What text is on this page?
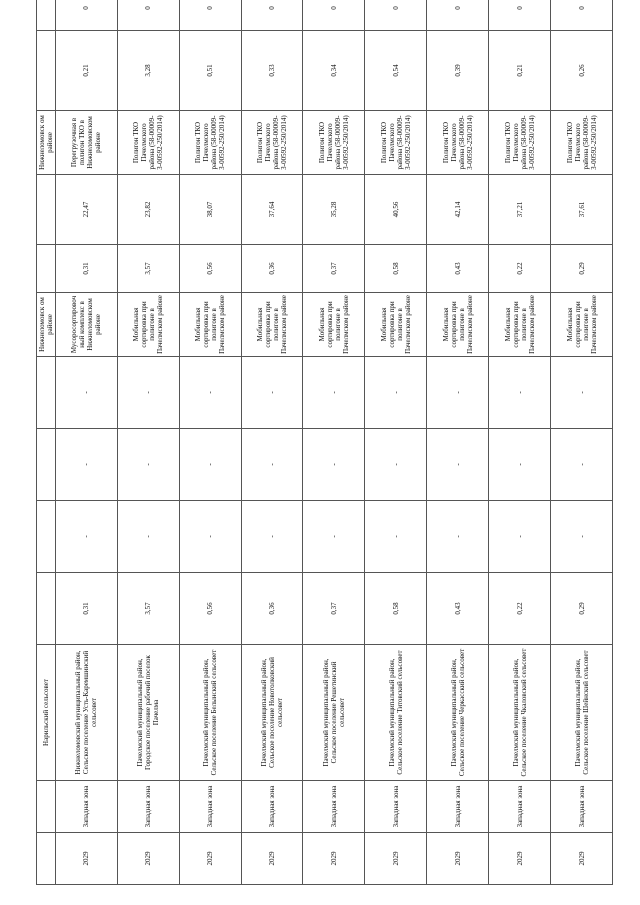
		Нарильский сельсовет					Нижнеломовск ом районе			Нижнеломовск ом районе		
2029	Западная зона	Нижнеломовский муниципальный район, Сельское поселение Усть-Каремшинский сельсовет	0,31	-	-	-	Мусоросортировочный комплекс в Нижнеломовском районе	0,31	22,47	Перегрузочная в полигон ТКО в Нижнеломовском районе	0,21	0
2029	Западная зона	Пачелмский муниципальный район, Городское поселение рабочий поселок Пачелма	3,57	-	-	-	Мобильная сортировка при полигоне в Пачелмском районе	3,57	23,82	Полигон ТКО Пачелмского района (58-00009-З-00592-250/2014)	3,28	0
2029	Западная зона	Пачелмский муниципальный район, Сельское поселение Белынский сельсовет	0,56	-	-	-	Мобильная сортировка при полигоне в Пачелмском районе	0,56	38,07	Полигон ТКО Пачелмского района (58-00009-З-00592-250/2014)	0,51	0
2029	Западная зона	Пачелмский муниципальный район, Сельское поселение Новотолковский сельсовет	0,36	-	-	-	Мобильная сортировка при полигоне в Пачелмском районе	0,36	37,64	Полигон ТКО Пачелмского района (58-00009-З-00592-250/2014)	0,33	0
2029	Западная зона	Пачелмский муниципальный район, Сельское поселение Решетинский сельсовет	0,37	-	-	-	Мобильная сортировка при полигоне в Пачелмском районе	0,37	35,28	Полигон ТКО Пачелмского района (58-00009-З-00592-250/2014)	0,34	0
2029	Западная зона	Пачелмский муниципальный район, Сельское поселение Титовский сельсовет	0,58	-	-	-	Мобильная сортировка при полигоне в Пачелмском районе	0,58	40,56	Полигон ТКО Пачелмского района (58-00009-З-00592-250/2014)	0,54	0
2029	Западная зона	Пачелмский муниципальный район, Сельское поселение Черкасский сельсовет	0,43	-	-	-	Мобильная сортировка при полигоне в Пачелмском районе	0,43	42,14	Полигон ТКО Пачелмского района (58-00009-З-00592-250/2014)	0,39	0
2029	Западная зона	Пачелмский муниципальный район, Сельское поселение Чкаловский сельсовет	0,22	-	-	-	Мобильная сортировка при полигоне в Пачелмском районе	0,22	37,21	Полигон ТКО Пачелмского района (58-00009-З-00592-250/2014)	0,21	0
2029	Западная зона	Пачелмский муниципальный район, Сельское поселение Шейнский сельсовет	0,29	-	-	-	Мобильная сортировка при полигоне в Пачелмском районе	0,29	37,61	Полигон ТКО Пачелмского района (58-00009-З-00592-250/2014)	0,26	0
